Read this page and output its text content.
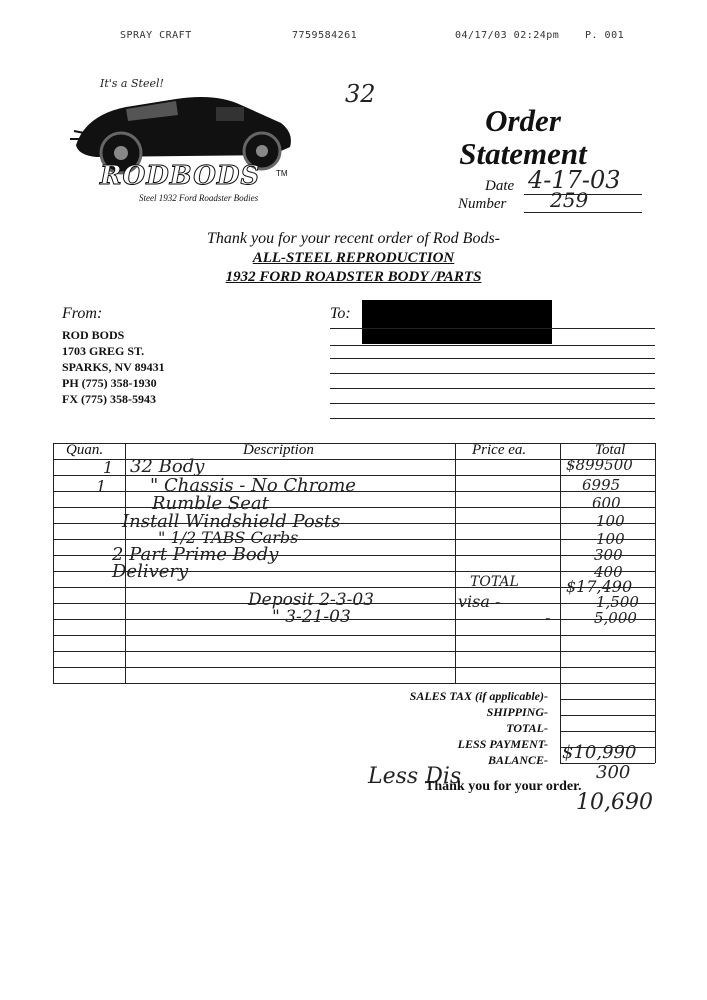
SPRAY CRAFT	7759584261	04/17/03 02:24pm	P. 001
It's a Steel!
RODBODS TM
Steel 1932 Ford Roadster Bodies
32
Order
Statement
Date 4-17-03
Number 259
Thank you for your recent order of Rod Bods-
ALL-STEEL REPRODUCTION
1932 FORD ROADSTER BODY /PARTS
From:
ROD BODS
1703 GREG ST.
SPARKS, NV 89431
PH (775) 358-1930
FX (775) 358-5943
To:
Quan.	Description	Price ea.	Total
1 32 Body	$899500
1 " Chassis - No Chrome	6995
Rumble Seat	600
Install Windshield Posts	100
" 1/2 TABS Carbs	100
2 Part Prime Body	300
Delivery	400
TOTAL	$17,490
Deposit 2-3-03	visa -	1,500
" 3-21-03	-	5,000
SALES TAX (if applicable)-
SHIPPING-
TOTAL-
LESS PAYMENT-
BALANCE- $10,990
Less Dis	300
10,690
Thank you for your order.
